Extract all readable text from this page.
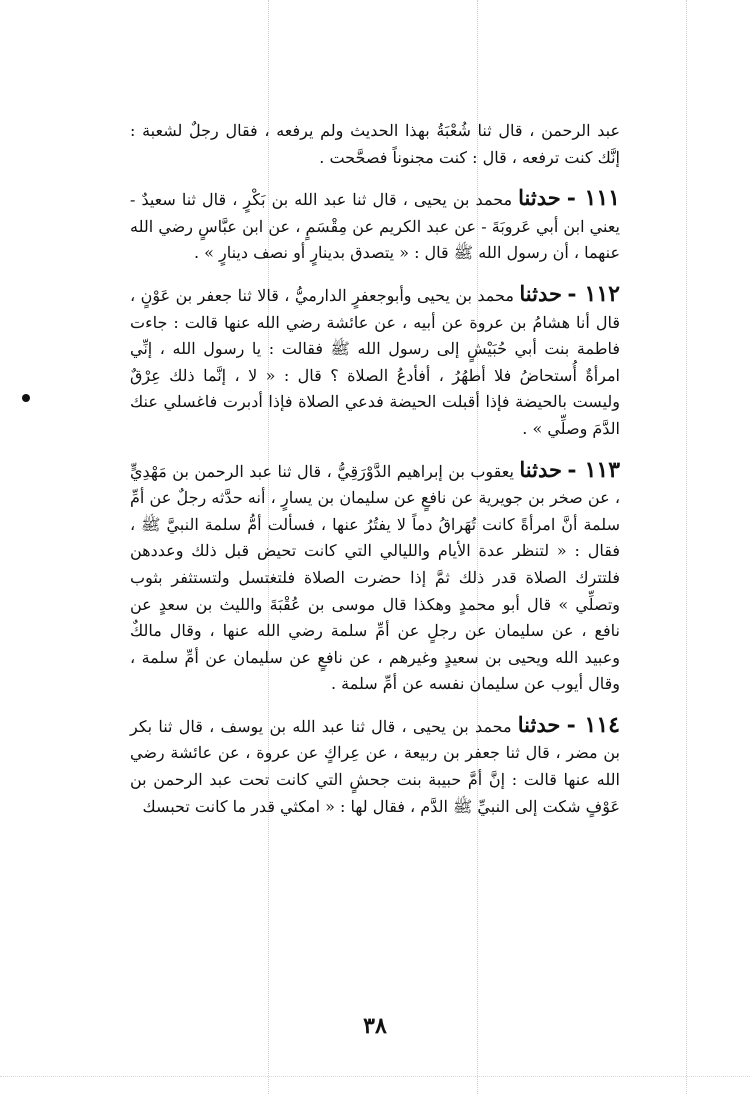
عبد الرحمن ، قال ثنا شُعْبَةُ بهذا الحديث ولم يرفعه ، فقال رجلٌ لشعبة : إنَّك كنت ترفعه ، قال : كنت مجنوناً فصحَّحت .

١١١ - حدثنا محمد بن يحيى ، قال ثنا عبد الله بن بَكْرٍ ، قال ثنا سعيدٌ - يعني ابن أبي عَروبَةَ - عن عبد الكريم عن مِقْسَمٍ ، عن ابن عبَّاسٍ رضي الله عنهما ، أن رسول الله ﷺ قال : « يتصدق بدينارٍ أو نصف دينارٍ » .

١١٢ - حدثنا محمد بن يحيى وأبوجعفرٍ الدارميُّ ، قالا ثنا جعفر بن عَوْنٍ ، قال أنا هشامُ بن عروة عن أبيه ، عن عائشة رضي الله عنها قالت : جاءت فاطمة بنت أبي حُبَيْشٍ إلى رسول الله ﷺ فقالت : يا رسول الله ، إنِّي امرأةٌ أُستحاضُ فلا أطهُرُ ، أفأدعُ الصلاة ؟ قال : « لا ، إنَّما ذلك عِرْقٌ وليست بالحيضة فإذا أقبلت الحيضة فدعي الصلاة فإذا أدبرت فاغسلي عنك الدَّمَ وصلِّي » .

١١٣ - حدثنا يعقوب بن إبراهيم الدَّوْرَقِيُّ ، قال ثنا عبد الرحمن بن مَهْدِيٍّ ، عن صخر بن جويرية عن نافعٍ عن سليمان بن يسارٍ ، أنه حدَّثه رجلٌ عن أمِّ سلمة أنَّ امرأةً كانت تُهَراقُ دماً لا يفتُرُ عنها ، فسألت أمُّ سلمة النبيَّ ﷺ ، فقال : « لتنظر عدة الأيام والليالي التي كانت تحيض قبل ذلك وعددهن فلتترك الصلاة قدر ذلك ثمَّ إذا حضرت الصلاة فلتغتسل ولتستثفر بثوب وتصلِّي » قال أبو محمدٍ وهكذا قال موسى بن عُقْبَةَ والليث بن سعدٍ عن نافع ، عن سليمان عن رجلٍ عن أمِّ سلمة رضي الله عنها ، وقال مالكٌ وعبيد الله ويحيى بن سعيدٍ وغيرهم ، عن نافعٍ عن سليمان عن أمِّ سلمة ، وقال أيوب عن سليمان نفسه عن أمِّ سلمة .

١١٤ - حدثنا محمد بن يحيى ، قال ثنا عبد الله بن يوسف ، قال ثنا بكر بن مضر ، قال ثنا جعفر بن ربيعة ، عن عِراكٍ عن عروة ، عن عائشة رضي الله عنها قالت : إنَّ أمَّ حبيبة بنت جحشٍ التي كانت تحت عبد الرحمن بن عَوْفٍ شكت إلى النبيِّ ﷺ الدَّم ، فقال لها : « امكثي قدر ما كانت تحبسك

٣٨
